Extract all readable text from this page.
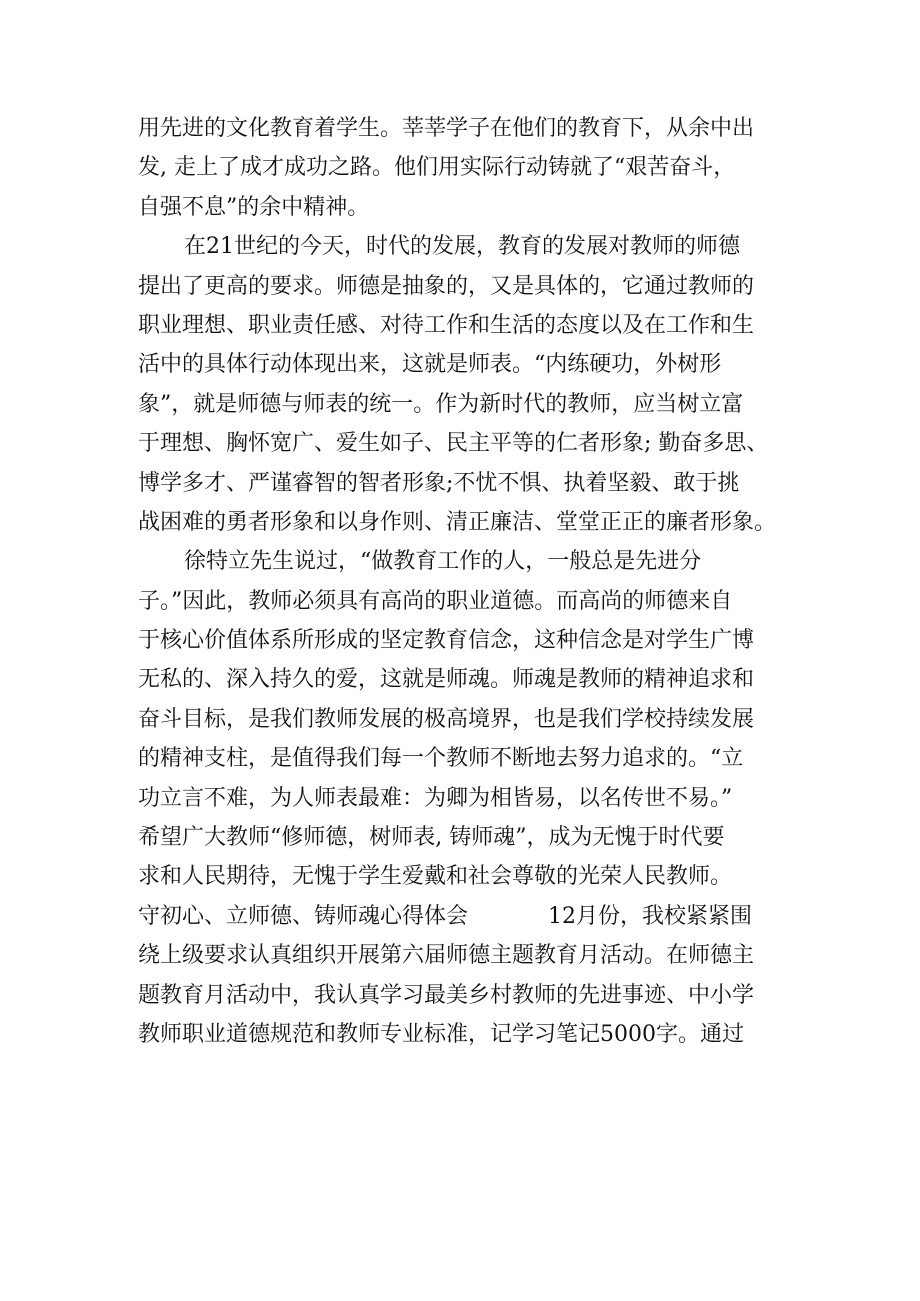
用先进的文化教育着学生。莘莘学子在他们的教育下，从余中出
发, 走上了成才成功之路。他们用实际行动铸就了“艰苦奋斗，
自强不息”的余中精神。
在21世纪的今天，时代的发展，教育的发展对教师的师德
提出了更高的要求。师德是抽象的，又是具体的，它通过教师的
职业理想、职业责任感、对待工作和生活的态度以及在工作和生
活中的具体行动体现出来，这就是师表。“内练硬功，外树形
象”，就是师德与师表的统一。作为新时代的教师，应当树立富
于理想、胸怀宽广、爱生如子、民主平等的仁者形象; 勤奋多思、
博学多才、严谨睿智的智者形象;不忧不惧、执着坚毅、敢于挑
战困难的勇者形象和以身作则、清正廉洁、堂堂正正的廉者形象。
徐特立先生说过，“做教育工作的人，一般总是先进分
子。”因此，教师必须具有高尚的职业道德。而高尚的师德来自
于核心价值体系所形成的坚定教育信念，这种信念是对学生广博
无私的、深入持久的爱，这就是师魂。师魂是教师的精神追求和
奋斗目标，是我们教师发展的极高境界，也是我们学校持续发展
的精神支柱，是值得我们每一个教师不断地去努力追求的。“立
功立言不难，为人师表最难：为卿为相皆易，以名传世不易。”
希望广大教师“修师德，树师表, 铸师魂”，成为无愧于时代要
求和人民期待，无愧于学生爱戴和社会尊敬的光荣人民教师。
守初心、立师德、铸师魂心得体会	12月份，我校紧紧围
绕上级要求认真组织开展第六届师德主题教育月活动。在师德主
题教育月活动中，我认真学习最美乡村教师的先进事迹、中小学
教师职业道德规范和教师专业标准，记学习笔记5000字。通过
